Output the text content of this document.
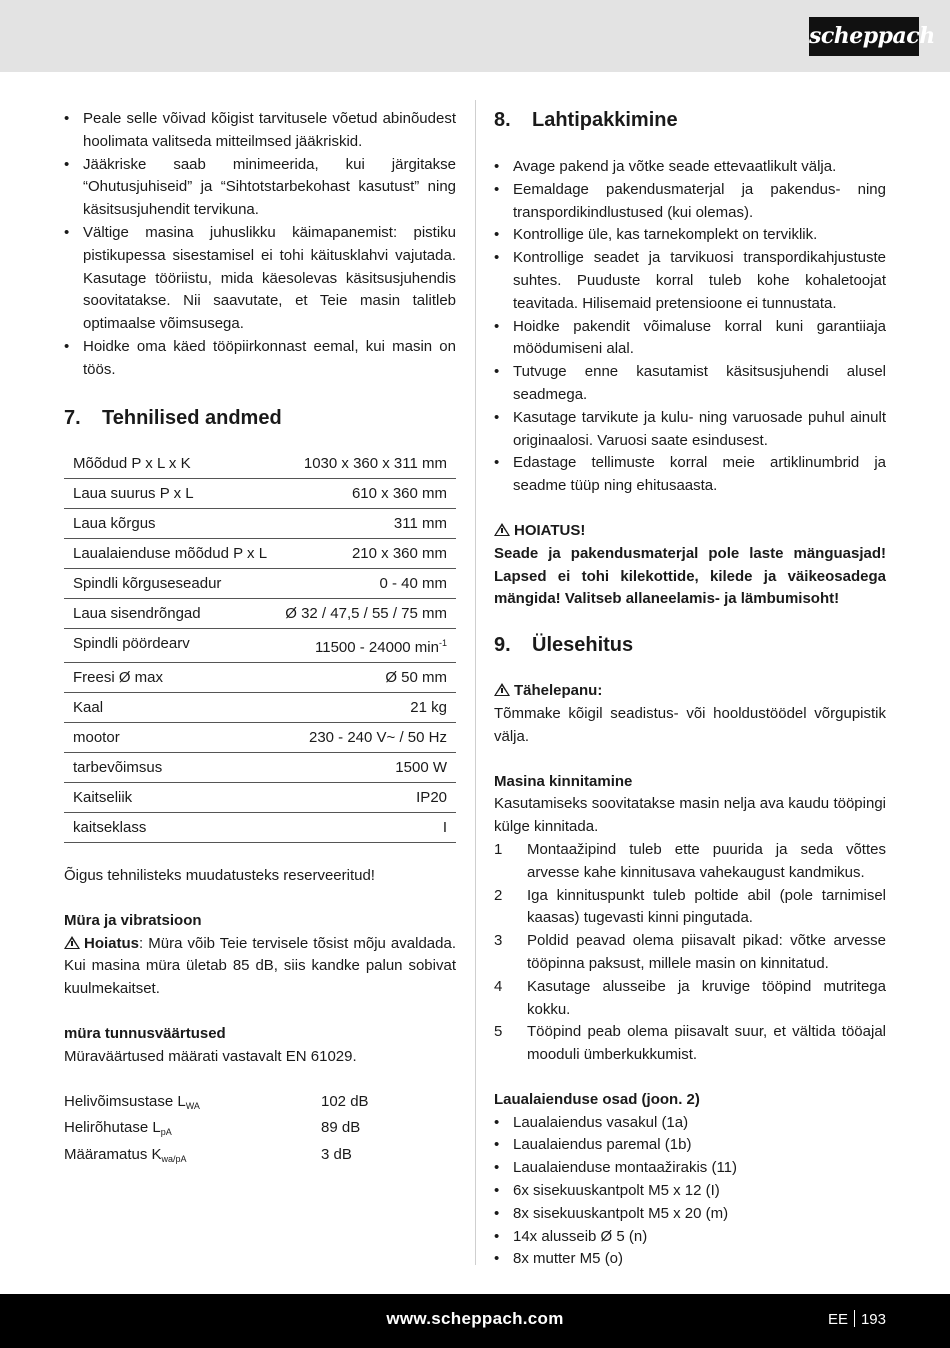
scheppach
• Peale selle võivad kõigist tarvitusele võetud abinõudest hoolimata valitseda mitteilmsed jääkriskid.
• Jääkriske saab minimeerida, kui järgitakse “Ohutusjuhiseid” ja “Sihtotstarbekohast kasutust” ning käsitsusjuhendit tervikuna.
• Vältige masina juhuslikku käimapanemist: pistiku pistikupessa sisestamisel ei tohi käitusklahvi vajutada. Kasutage tööriistu, mida käesolevas käsitsusjuhendis soovitatakse. Nii saavutate, et Teie masin talitleb optimaalse võimsusega.
• Hoidke oma käed tööpiirkonnast eemal, kui masin on töös.
7.	Tehnilised andmed
Mõõdud P x L x K	1030 x 360 x 311 mm
Laua suurus P x L	610 x 360 mm
Laua kõrgus	311 mm
Laualaienduse mõõdud P x L	210 x 360 mm
Spindli kõrguseseadur	0 - 40 mm
Laua sisendrõngad	Ø 32 / 47,5 / 55 / 75 mm
Spindli pöördearv	11500 - 24000 $\min^{-1}$
Freesi Ø max	Ø 50 mm
Kaal	21 kg
mootor	230 - 240 V~ / 50 Hz
tarbevõimsus	1500 W
Kaitseliik	IP20
kaitseklass	I

Õigus tehnilisteks muudatusteks reserveeritud!

Müra ja vibratsioon

Hoiatus: Müra võib Teie tervisele tõsist mõju avaldada. Kui masina müra ületab 85 dB, siis kandke palun sobivat kuulmekaitset.

müra tunnusväärtused

Müraväärtused määrati vastavalt EN 61029.

Helivõimsustase $L_{WA}$	102 dB
Helirõhutase $L_{pA}$	89 dB
Määramatus $K_{wa/pA}$	3 dB
8.	Lahtipakkimine
• Avage pakend ja võtke seade ettevaatlikult välja.
• Eemaldage pakendusmaterjal ja pakendus- ning transpordikindlustused (kui olemas).
• Kontrollige üle, kas tarnekomplekt on terviklik.
• Kontrollige seadet ja tarvikuosi transpordikahjustuste suhtes. Puuduste korral tuleb kohe kohaletoojat teavitada. Hilisemaid pretensioone ei tunnustata.
• Hoidke pakendit võimaluse korral kuni garantiiaja möödumiseni alal.
• Tutvuge enne kasutamist käsitsusjuhendi alusel seadmega.
• Kasutage tarvikute ja kulu- ning varuosade puhul ainult originaalosi. Varuosi saate esindusest.
• Edastage tellimuste korral meie artiklinumbrid ja seadme tüüp ning ehitusaasta.

HOIATUS!

Seade ja pakendusmaterjal pole laste mänguasjad! Lapsed ei tohi kilekottide, kilede ja väikeosadega mängida! Valitseb allaneelamis- ja lämbumisoht!

9.	Ülesehitus

Tähelepanu:

Tõmmake kõigil seadistus- või hooldustöödel võrgupistik välja.

Masina kinnitamine

Kasutamiseks soovitatakse masin nelja ava kaudu tööpingi külge kinnitada.

1 Montaažipind tuleb ette puurida ja seda võttes arvesse kahe kinnitusava vahekaugust kandmikus.
2 Iga kinnituspunkt tuleb poltide abil (pole tarnimisel kaasas) tugevasti kinni pingutada.
3 Poldid peavad olema piisavalt pikad: võtke arvesse tööpinna paksust, millele masin on kinnitatud.
4 Kasutage alusseibe ja kruvige tööpind mutritega kokku.
5 Tööpind peab olema piisavalt suur, et vältida tööajal mooduli ümberkukkumist.

Laualaienduse osad (joon. 2)

• Laualaiendus vasakul (1a)
• Laualaiendus paremal (1b)
• Laualaienduse montaažirakis (11)
• 6x sisekuuskantpolt M5 x 12 (I)
• 8x sisekuuskantpolt M5 x 20 (m)
• 14x alusseib Ø 5 (n)
• 8x mutter M5 (o)
www.scheppach.com	EE 193
